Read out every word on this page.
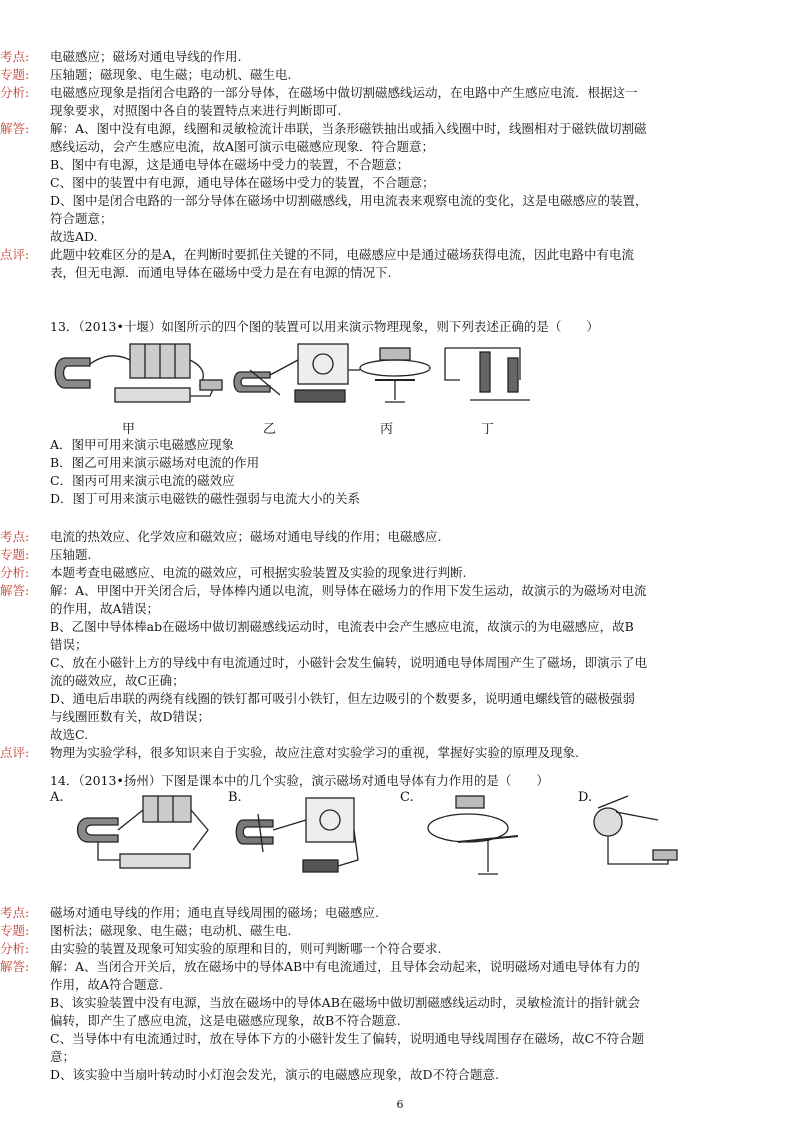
考点:	电磁感应；磁场对通电导线的作用.
专题:	压轴题；磁现象、电生磁；电动机、磁生电.
分析:	电磁感应现象是指闭合电路的一部分导体，在磁场中做切割磁感线运动，在电路中产生感应电流．根据这一

现象要求，对照图中各自的装置特点来进行判断即可.

解答:	解：A、图中没有电源，线圈和灵敏检流计串联，当条形磁铁抽出或插入线圈中时，线圈相对于磁铁做切割磁

感线运动，会产生感应电流，故A图可演示电磁感应现象．符合题意；

B、图中有电源，这是通电导体在磁场中受力的装置，不合题意；

C、图中的装置中有电源，通电导体在磁场中受力的装置，不合题意；

D、图中是闭合电路的一部分导体在磁场中切割磁感线，用电流表来观察电流的变化，这是电磁感应的装置，

符合题意；

故选AD.

点评:	此题中较难区分的是A，在判断时要抓住关键的不同，电磁感应中是通过磁场获得电流，因此电路中有电流

表，但无电源．而通电导体在磁场中受力是在有电源的情况下.

13．（2013•十堰）如图所示的四个图的装置可以用来演示物理现象，则下列表述正确的是（　　）

甲	乙	丙	丁

A．图甲可用来演示电磁感应现象

B．图乙可用来演示磁场对电流的作用

C．图丙可用来演示电流的磁效应

D．图丁可用来演示电磁铁的磁性强弱与电流大小的关系

考点:	电流的热效应、化学效应和磁效应；磁场对通电导线的作用；电磁感应.
专题:	压轴题.
分析:	本题考查电磁感应、电流的磁效应，可根据实验装置及实验的现象进行判断.
解答:	解：A、甲图中开关闭合后，导体棒内通以电流，则导体在磁场力的作用下发生运动，故演示的为磁场对电流

的作用，故A错误；

B、乙图中导体棒ab在磁场中做切割磁感线运动时，电流表中会产生感应电流，故演示的为电磁感应，故B

错误；

C、放在小磁针上方的导线中有电流通过时，小磁针会发生偏转，说明通电导体周围产生了磁场，即演示了电

流的磁效应，故C正确；

D、通电后串联的两绕有线圈的铁钉都可吸引小铁钉，但左边吸引的个数要多，说明通电螺线管的磁极强弱

与线圈匝数有关，故D错误；

故选C.

点评:	物理为实验学科，很多知识来自于实验，故应注意对实验学习的重视，掌握好实验的原理及现象.

14．（2013•扬州）下图是课本中的几个实验，演示磁场对通电导体有力作用的是（　　）

A.	B.	C.	D.
考点:	磁场对通电导线的作用；通电直导线周围的磁场；电磁感应.
专题:	图析法；磁现象、电生磁；电动机、磁生电.
分析:	由实验的装置及现象可知实验的原理和目的，则可判断哪一个符合要求.
解答:	解：A、当闭合开关后，放在磁场中的导体AB中有电流通过，且导体会动起来，说明磁场对通电导体有力的

作用，故A符合题意.

B、该实验装置中没有电源，当放在磁场中的导体AB在磁场中做切割磁感线运动时，灵敏检流计的指针就会

偏转，即产生了感应电流，这是电磁感应现象，故B不符合题意.

C、当导体中有电流通过时，放在导体下方的小磁针发生了偏转，说明通电导线周围存在磁场，故C不符合题

意；

D、该实验中当扇叶转动时小灯泡会发光，演示的电磁感应现象，故D不符合题意.

6
